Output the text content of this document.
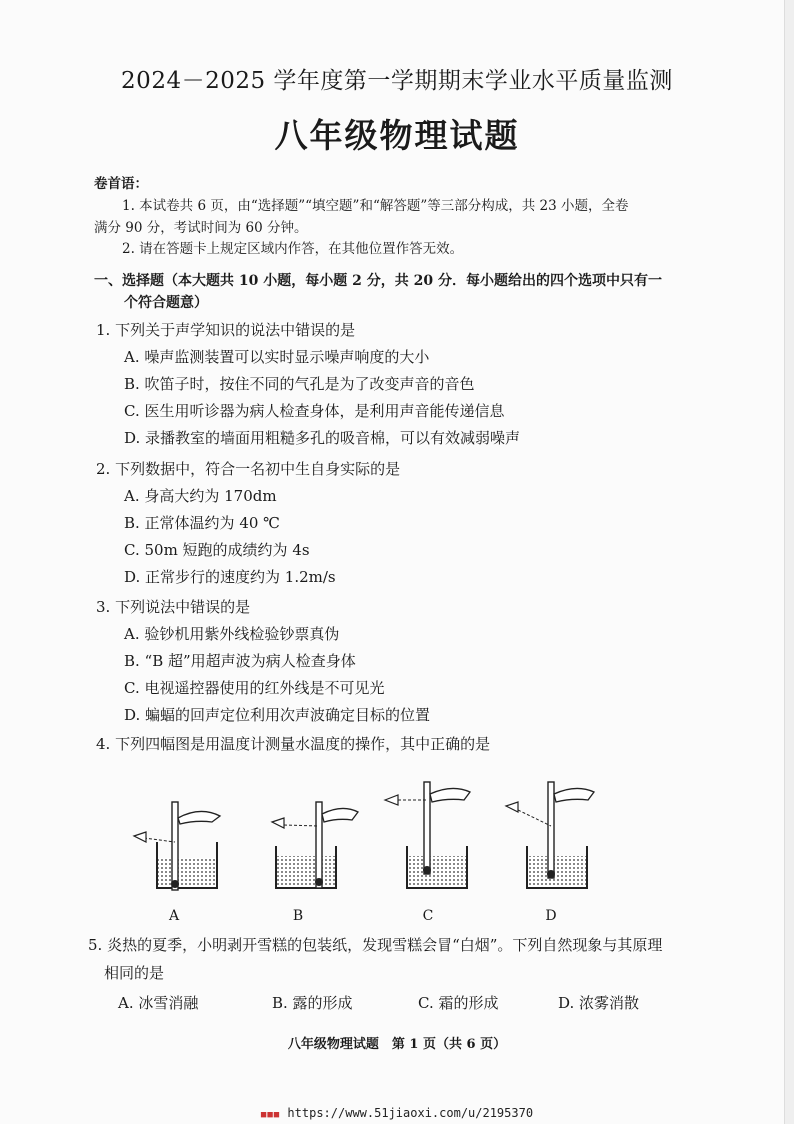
2024－2025 学年度第一学期期末学业水平质量监测
八年级物理试题
卷首语：
1. 本试卷共 6 页，由“选择题”“填空题”和“解答题”等三部分构成，共 23 小题，全卷
满分 90 分，考试时间为 60 分钟。
2. 请在答题卡上规定区域内作答，在其他位置作答无效。
一、选择题（本大题共 10 小题，每小题 2 分，共 20 分．每小题给出的四个选项中只有一
个符合题意）
1. 下列关于声学知识的说法中错误的是
A. 噪声监测装置可以实时显示噪声响度的大小
B. 吹笛子时，按住不同的气孔是为了改变声音的音色
C. 医生用听诊器为病人检查身体，是利用声音能传递信息
D. 录播教室的墙面用粗糙多孔的吸音棉，可以有效减弱噪声
2. 下列数据中，符合一名初中生自身实际的是
A. 身高大约为 170dm
B. 正常体温约为 40 ℃
C. 50m 短跑的成绩约为 4s
D. 正常步行的速度约为 1.2m/s
3. 下列说法中错误的是
A. 验钞机用紫外线检验钞票真伪
B. “B 超”用超声波为病人检查身体
C. 电视遥控器使用的红外线是不可见光
D. 蝙蝠的回声定位利用次声波确定目标的位置
4. 下列四幅图是用温度计测量水温度的操作，其中正确的是
A	B	C	D
5. 炎热的夏季，小明剥开雪糕的包装纸，发现雪糕会冒“白烟”。下列自然现象与其原理
相同的是
A. 冰雪消融	B. 露的形成	C. 霜的形成	D. 浓雾消散
八年级物理试题　第 1 页（共 6 页）
■■■ https://www.51jiaoxi.com/u/2195370
